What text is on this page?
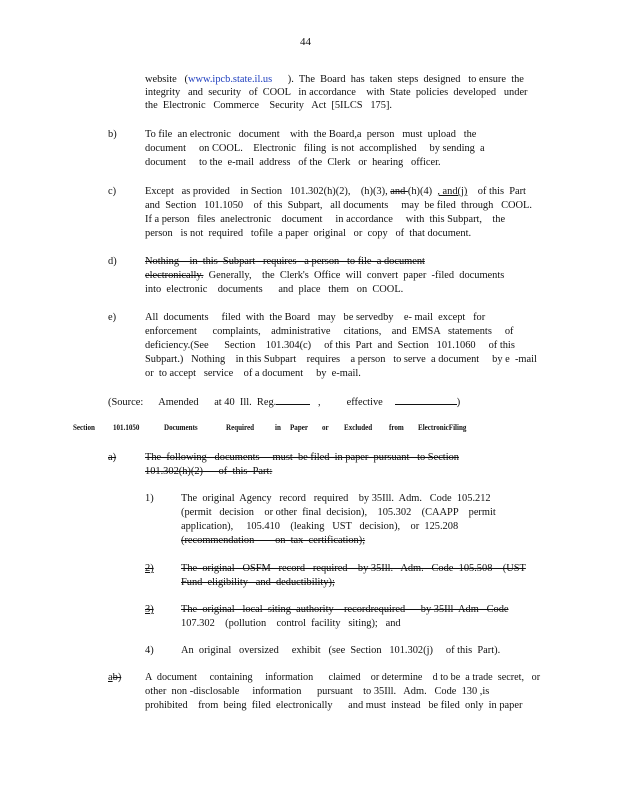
44
website   (www.ipcb.state.il.us      ).  The  Board  has  taken  steps  designed   to ensure  the
integrity   and  security   of  COOL   in accordance    with  State  policies  developed   under
the  Electronic   Commerce    Security   Act  [5ILCS   175].
b)	To file  an electronic   document    with  the Board,a  person   must  upload   the
document     on COOL.    Electronic   filing  is not  accomplished     by sending  a
document     to the  e-mail  address   of the  Clerk   or  hearing   officer.
c)	Except   as provided    in Section   101.302(h)(2),    (h)(3), and (h)(4)  , and(j)    of this  Part
and  Section   101.1050    of  this  Subpart,   all documents     may  be filed  through   COOL.
If a person   files  anelectronic    document     in accordance     with  this Subpart,    the
person   is not  required   tofile  a paper  original   or  copy   of  that document.
d)	Nothing    in  this  Subpart   requires   a person   to file  a document
electronically.  Generally,    the  Clerk's  Office  will  convert  paper  -filed  documents
into  electronic    documents      and  place   them   on  COOL.
e)	All  documents     filed  with  the Board   may   be servedby    e- mail  except   for
enforcement      complaints,    administrative     citations,    and  EMSA   statements     of
deficiency.(See      Section    101.304(c)     of this  Part  and  Section   101.1060     of this
Subpart.)   Nothing    in this Subpart    requires    a person   to serve  a document     by e  -mail
or  to accept   service    of a document     by  e-mail.
(Source:      Amended      at 40  Ill.  Reg.	,          effective	)
Section 101.1050	Documents	Required in Paper or Excluded from ElectronicFiling
a)	The  following   documents     must  be filed  in paper  pursuant   to Section
101.302(h)(2)      of  this  Part:
1)	The  original  Agency   record   required    by 35Ill.  Adm.   Code  105.212
(permit   decision    or other  final  decision),    105.302    (CAAPP    permit
application),     105.410    (leaking   UST   decision),    or  125.208
(recommendation        on  tax  certification);
2)	The  original   OSFM   record   required    by 35Ill.   Adm.   Code  105.508    (UST
Fund  eligibility   and  deductibility);
3)	The  original   local  siting  authority    recordrequired      by 35Ill  Adm   Code
107.302    (pollution    control  facility   siting);   and
4)	An  original   oversized     exhibit   (see  Section   101.302(j)     of this  Part).
ab) A  document     containing     information      claimed    or determine    d to be  a trade  secret,   or
other  non -disclosable     information      pursuant    to 35Ill.   Adm.   Code  130 ,is
prohibited    from  being  filed  electronically      and must  instead   be filed  only  in paper
